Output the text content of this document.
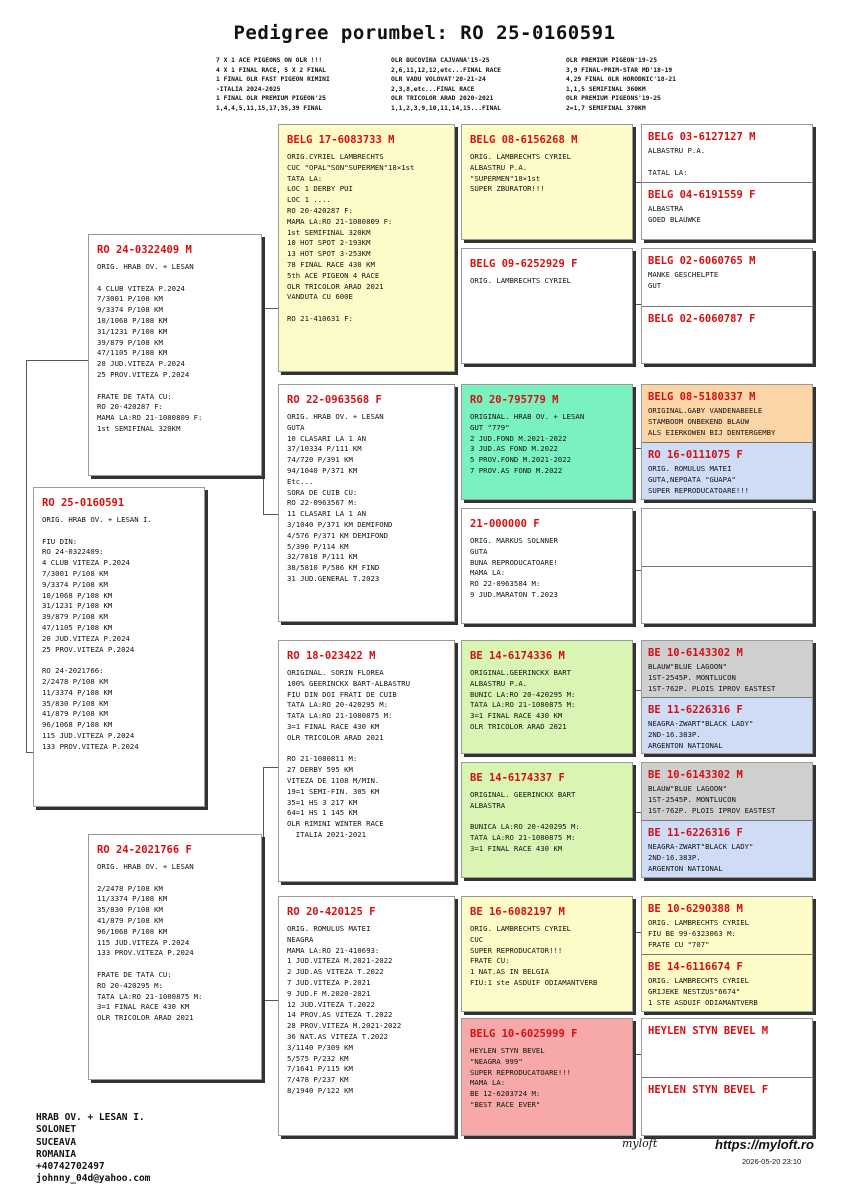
Pedigree porumbel: RO 25-0160591
7 X 1 ACE PIGEONS ON OLR !!!
4 X 1 FINAL RACE, 5 X 2 FINAL
1 FINAL OLR FAST PIGEON RIMINI
-ITALIA 2024-2025
1 FINAL OLR PREMIUM PIGEON'25
1,4,4,5,11,15,17,35,39 FINAL
OLR BUCOVINA CAJVANA'15-25
2,6,11,12,12,etc...FINAL RACE
OLR VADU VOLOVAT'20-21-24
2,3,8,etc...FINAL RACE
OLR TRICOLOR ARAD 2020-2021
1,1,2,3,9,10,11,14,15...FINAL
OLR PREMIUM PIGEON'19-25
3,9 FINAL-PRIM-STAR MD'18-19
4,29 FINAL OLR HORODNIC'18-21
1,1,5 SEMIFINAL 360KM
OLR PREMIUM PIGEONS'19-25
2=1,7 SEMIFINAL 370KM
RO 25-0160591
ORIG. HRAB OV. + LESAN I.

FIU DIN:
RO 24-0322409:
4 CLUB VITEZA P.2024
7/3001 P/108 KM
9/3374 P/108 KM
10/1068 P/108 KM
31/1231 P/108 KM
39/879 P/108 KM
47/1105 P/108 KM
20 JUD.VITEZA P.2024
25 PROV.VITEZA P.2024

RO 24-2021766:
2/2478 P/108 KM
11/3374 P/108 KM
35/830 P/108 KM
41/879 P/108 KM
96/1068 P/108 KM
115 JUD.VITEZA P.2024
133 PROV.VITEZA P.2024
RO 24-0322409 M
ORIG. HRAB OV. + LESAN

4 CLUB VITEZA P.2024
7/3001 P/108 KM
9/3374 P/108 KM
10/1068 P/108 KM
31/1231 P/108 KM
39/879 P/108 KM
47/1105 P/108 KM
20 JUD.VITEZA P.2024
25 PROV.VITEZA P.2024

FRATE DE TATA CU:
RO 20-420287 F:
MAMA LA:RO 21-1080809 F:
1st SEMIFINAL 320KM
RO 24-2021766 F
ORIG. HRAB OV. + LESAN

2/2478 P/108 KM
11/3374 P/108 KM
35/830 P/108 KM
41/879 P/108 KM
96/1068 P/108 KM
115 JUD.VITEZA P.2024
133 PROV.VITEZA P.2024

FRATE DE TATA CU:
RO 20-420295 M:
TATA LA:RO 21-1080875 M:
3=1 FINAL RACE 430 KM
OLR TRICOLOR ARAD 2021
BELG 17-6083733 M
ORIG.CYRIEL LAMBRECHTS
CUC "OPAL"SON"SUPERMEN"18×1st
TATA LA:
LOC 1 DERBY PUI
LOC 1 ....
RO 20-420287 F:
MAMA LA:RO 21-1080809 F:
1st SEMIFINAL 320KM
10 HOT SPOT 2-193KM
13 HOT SPOT 3-253KM
78 FINAL RACE 430 KM
5th ACE PIGEON 4 RACE
OLR TRICOLOR ARAD 2021
VANDUTA CU 600E

RO 21-410631 F:
RO 22-0963568 F
ORIG. HRAB OV. + LESAN
GUTA
10 CLASARI LA 1 AN
37/10334 P/111 KM
74/720 P/391 KM
94/1040 P/371 KM
Etc...
SORA DE CUIB CU:
RO 22-0963567 M:
11 CLASARI LA 1 AN
3/1040 P/371 KM DEMIFOND
4/576 P/371 KM DEMIFOND
5/390 P/114 KM
32/7818 P/111 KM
38/5810 P/586 KM FIND
31 JUD.GENERAL T.2023
RO 18-023422 M
ORIGINAL. SORIN FLOREA
100% GEERINCKX BART-ALBASTRU
FIU DIN DOI FRATI DE CUIB
TATA LA:RO 20-420295 M:
TATA LA:RO 21-1080875 M:
3=1 FINAL RACE 430 KM
OLR TRICOLOR ARAD 2021

RO 21-1080811 M:
27 DERBY 595 KM
VITEZA DE 1108 M/MIN.
19=1 SEMI-FIN. 305 KM
35=1 HS 3 217 KM
64=1 HS 1 145 KM
OLR RIMINI WINTER RACE
ITALIA 2021-2021
RO 20-420125 F
ORIG. ROMULUS MATEI
NEAGRA
MAMA LA:RO 21-410693:
1 JUD.VITEZA M.2021-2022
2 JUD.AS VITEZA T.2022
7 JUD.VITEZA P.2021
9 JUD.F M.2020-2021
12 JUD.VITEZA T.2022
14 PROV.AS VITEZA T.2022
28 PROV.VITEZA M.2021-2022
36 NAT.AS VITEZA T.2022
3/1140 P/309 KM
5/575 P/232 KM
7/1641 P/115 KM
7/478 P/237 KM
8/1940 P/122 KM
BELG 08-6156268 M
ORIG. LAMBRECHTS CYRIEL
ALBASTRU P.A.
"SUPERMEN"18×1st
SUPER ZBURATOR!!!
BELG 09-6252929 F
ORIG. LAMBRECHTS CYRIEL
RO 20-795779 M
ORIGINAL. HRAB OV. + LESAN
GUT "779"
2 JUD.FOND M.2021-2022
3 JUD.AS FOND M.2022
5 PROV.FOND M.2021-2022
7 PROV.AS FOND M.2022
21-000000 F
ORIG. MARKUS SOLNNER
GUTA
BUNA REPRODUCATOARE!
MAMA LA:
RO 22-0963584 M:
9 JUD.MARATON T.2023
BE 14-6174336 M
ORIGINAL.GEERINCKX BART
ALBASTRU P.A.
BUNIC LA:RO 20-420295 M:
TATA LA:RO 21-1080875 M:
3=1 FINAL RACE 430 KM
OLR TRICOLOR ARAD 2021
BE 14-6174337 F
ORIGINAL. GEERINCKX BART
ALBASTRA

BUNICA LA:RO 20-420295 M:
TATA LA:RO 21-1080875 M:
3=1 FINAL RACE 430 KM
BE 16-6082197 M
ORIG. LAMBRECHTS CYRIEL
CUC
SUPER REPRODUCATOR!!!
FRATE CU:
1 NAT.AS IN BELGIA
FIU:1 ste ASDUIF ODIAMANTVERB
BELG 10-6025999 F
HEYLEN STYN BEVEL
"NEAGRA 999"
SUPER REPRODUCATOARE!!!
MAMA LA:
BE 12-6203724 M:
"BEST RACE EVER"
BELG 03-6127127 M
ALBASTRU P.A.

TATAL LA:
BELG 04-6191559 F
ALBASTRA
GOED BLAUWKE
BELG 02-6060765 M
MANKE GESCHELPTE
GUT
BELG 02-6060787 F
BELG 08-5180337 M
ORIGINAL.GABY VANDENABEELE
STAMBOOM ONBEKEND BLAUW
ALS EIERKOWEN BIJ DENTERGEMBY
RO 16-0111075 F
ORIG. ROMULUS MATEI
GUTA,NEPOATA "GUAPA"
SUPER REPRODUCATOARE!!!
BE 10-6143302 M
BLAUW"BLUE LAGOON"
1ST-2545P. MONTLUCON
1ST-762P. PLOIS IPROV EASTEST
BE 11-6226316 F
NEAGRA-ZWART"BLACK LADY"
2ND-16.383P.
ARGENTON NATIONAL
BE 10-6143302 M
BLAUW"BLUE LAGOON"
1ST-2545P. MONTLUCON
1ST-762P. PLOIS IPROV EASTEST
BE 11-6226316 F
NEAGRA-ZWART"BLACK LADY"
2ND-16.383P.
ARGENTON NATIONAL
BE 10-6290388 M
ORIG. LAMBRECHTS CYRIEL
FIU BE 99-6323063 M:
FRATE CU "707"
BE 14-6116674 F
ORIG. LAMBRECHTS CYRIEL
GRIJEKE NESTZUS"6674"
1 STE ASDUIF ODIAMANTVERB
HEYLEN STYN BEVEL M
HEYLEN STYN BEVEL F
HRAB OV. + LESAN I.
SOLONET
SUCEAVA
ROMANIA
+40742702497
johnny_04d@yahoo.com
myloft	https://myloft.ro
2026-05-20 23:10
